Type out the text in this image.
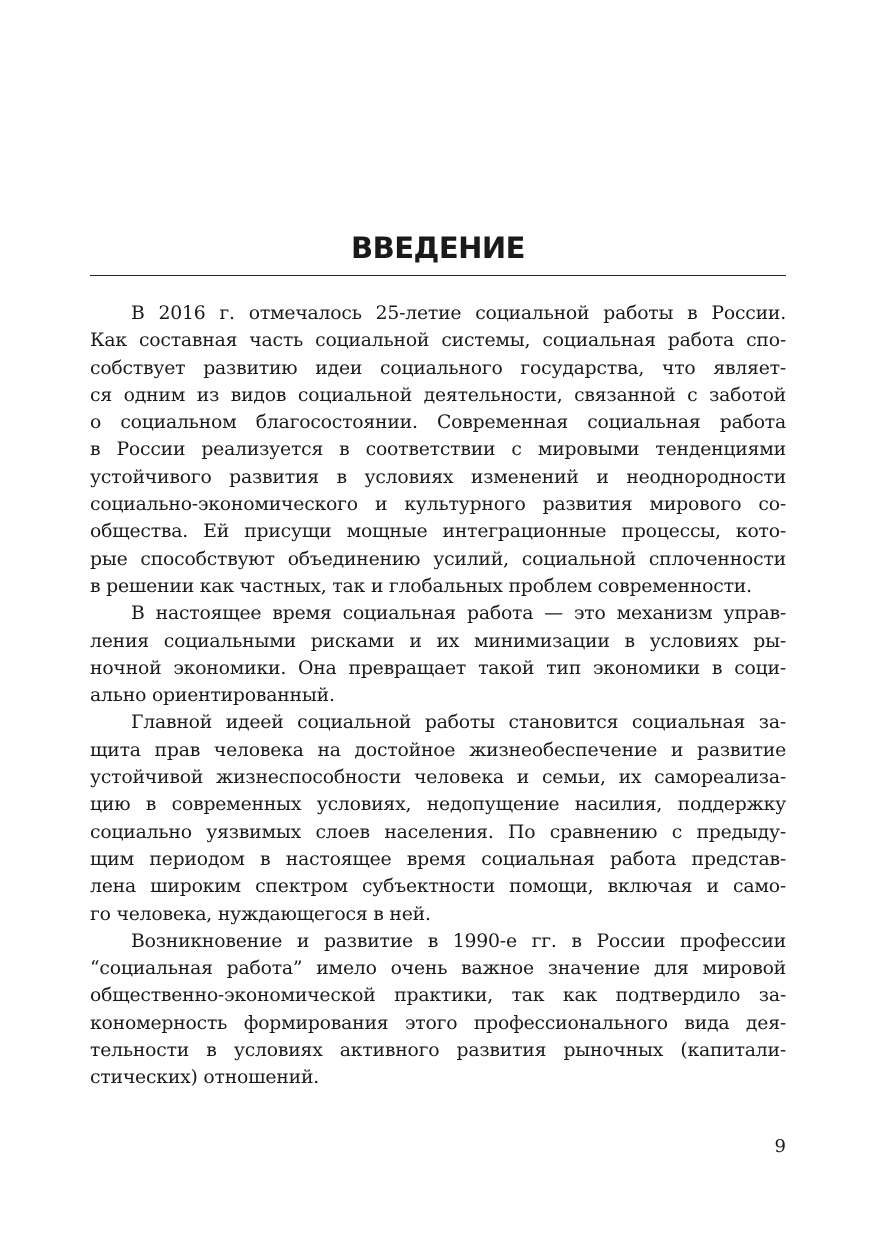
ВВЕДЕНИЕ
В 2016 г. отмечалось 25-летие социальной работы в России.
Как составная часть социальной системы, социальная работа спо-
собствует развитию идеи социального государства, что являет-
ся одним из видов социальной деятельности, связанной с заботой
о социальном благосостоянии. Современная социальная работа
в России реализуется в соответствии с мировыми тенденциями
устойчивого развития в условиях изменений и неоднородности
социально-экономического и культурного развития мирового со-
общества. Ей присущи мощные интеграционные процессы, кото-
рые способствуют объединению усилий, социальной сплоченности
в решении как частных, так и глобальных проблем современности.
В настоящее время социальная работа — это механизм управ-
ления социальными рисками и их минимизации в условиях ры-
ночной экономики. Она превращает такой тип экономики в соци-
ально ориентированный.
Главной идеей социальной работы становится социальная за-
щита прав человека на достойное жизнеобеспечение и развитие
устойчивой жизнеспособности человека и семьи, их самореализа-
цию в современных условиях, недопущение насилия, поддержку
социально уязвимых слоев населения. По сравнению с предыду-
щим периодом в настоящее время социальная работа представ-
лена широким спектром субъектности помощи, включая и само-
го человека, нуждающегося в ней.
Возникновение и развитие в 1990-е гг. в России профессии
“социальная работа” имело очень важное значение для мировой
общественно-экономической практики, так как подтвердило за-
кономерность формирования этого профессионального вида дея-
тельности в условиях активного развития рыночных (капитали-
стических) отношений.
9
